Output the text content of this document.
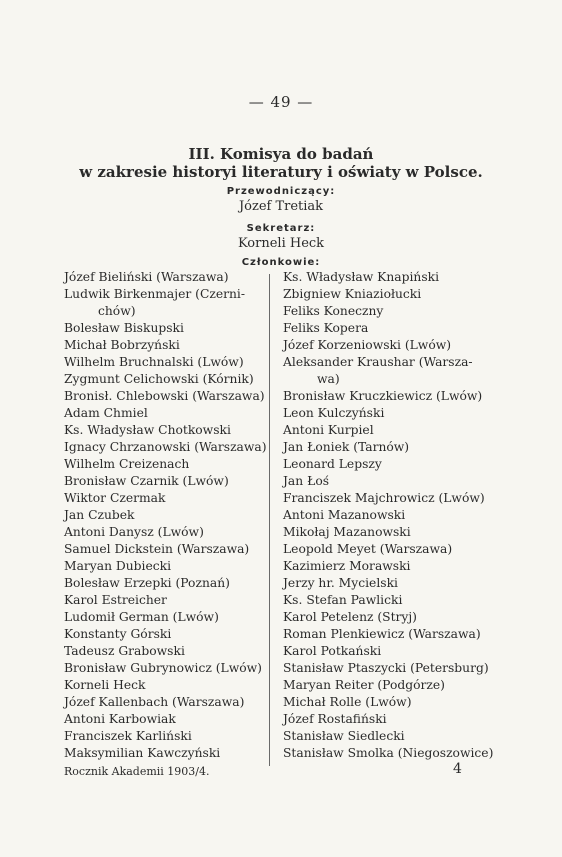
— 49 —
III. Komisya do badań
w zakresie historyi literatury i oświaty w Polsce.
Przewodniczący:
Józef Tretiak
Sekretarz:
Korneli Heck
Członkowie:
Józef Bieliński (Warszawa)
Ludwik Birkenmajer (Czerni-
chów)
Bolesław Biskupski
Michał Bobrzyński
Wilhelm Bruchnalski (Lwów)
Zygmunt Celichowski (Kórnik)
Bronisł. Chlebowski (Warszawa)
Adam Chmiel
Ks. Władysław Chotkowski
Ignacy Chrzanowski (Warszawa)
Wilhelm Creizenach
Bronisław Czarnik (Lwów)
Wiktor Czermak
Jan Czubek
Antoni Danysz (Lwów)
Samuel Dickstein (Warszawa)
Maryan Dubiecki
Bolesław Erzepki (Poznań)
Karol Estreicher
Ludomił German (Lwów)
Konstanty Górski
Tadeusz Grabowski
Bronisław Gubrynowicz (Lwów)
Korneli Heck
Józef Kallenbach (Warszawa)
Antoni Karbowiak
Franciszek Karliński
Maksymilian Kawczyński
Ks. Władysław Knapiński
Zbigniew Kniaziołucki
Feliks Koneczny
Feliks Kopera
Józef Korzeniowski (Lwów)
Aleksander Kraushar (Warsza-
wa)
Bronisław Kruczkiewicz (Lwów)
Leon Kulczyński
Antoni Kurpiel
Jan Łoniek (Tarnów)
Leonard Lepszy
Jan Łoś
Franciszek Majchrowicz (Lwów)
Antoni Mazanowski
Mikołaj Mazanowski
Leopold Meyet (Warszawa)
Kazimierz Morawski
Jerzy hr. Mycielski
Ks. Stefan Pawlicki
Karol Petelenz (Stryj)
Roman Plenkiewicz (Warszawa)
Karol Potkański
Stanisław Ptaszycki (Petersburg)
Maryan Reiter (Podgórze)
Michał Rolle (Lwów)
Józef Rostafiński
Stanisław Siedlecki
Stanisław Smolka (Niegoszowice)
Rocznik Akademii 1903/4.	4
